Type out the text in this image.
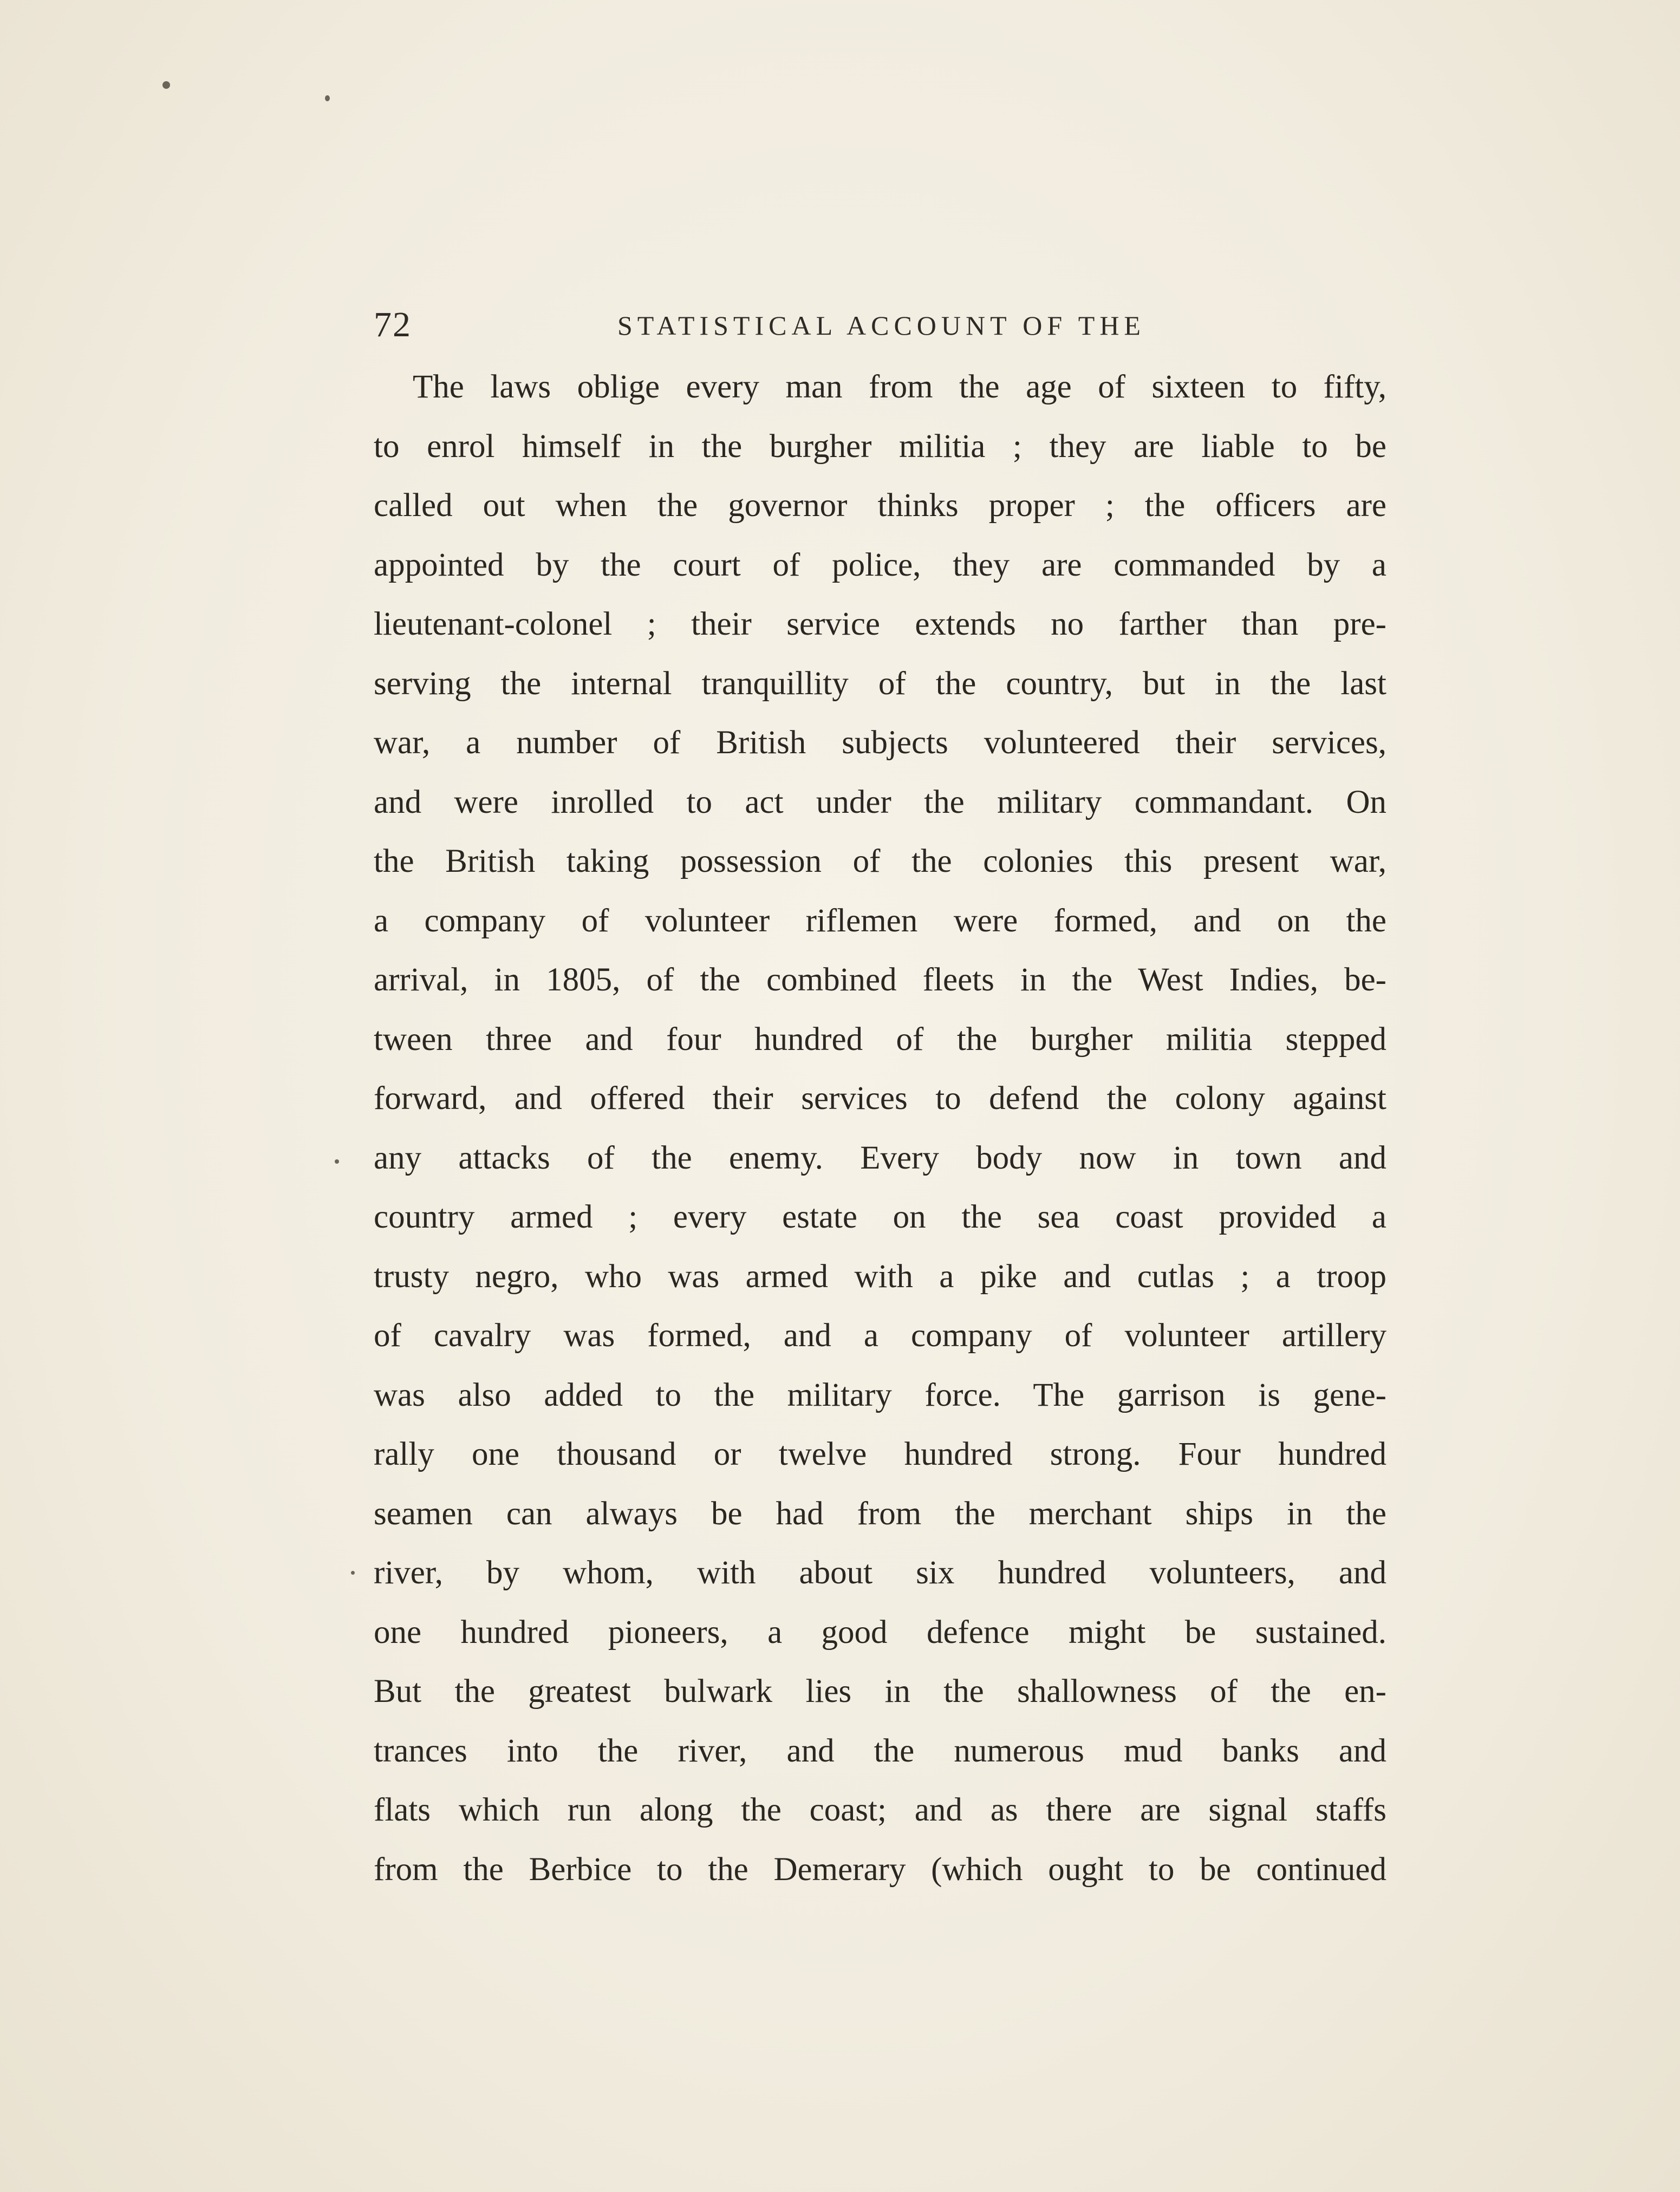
72	STATISTICAL ACCOUNT OF THE
The laws oblige every man from the age of sixteen to fifty,
to enrol himself in the burgher militia ; they are liable to be
called out when the governor thinks proper ; the officers are
appointed by the court of police, they are commanded by a
lieutenant-colonel ; their service extends no farther than pre-
serving the internal tranquillity of the country, but in the last
war, a number of British subjects volunteered their services,
and were inrolled to act under the military commandant. On
the British taking possession of the colonies this present war,
a company of volunteer riflemen were formed, and on the
arrival, in 1805, of the combined fleets in the West Indies, be-
tween three and four hundred of the burgher militia stepped
forward, and offered their services to defend the colony against
any attacks of the enemy. Every body now in town and
country armed ; every estate on the sea coast provided a
trusty negro, who was armed with a pike and cutlas ; a troop
of cavalry was formed, and a company of volunteer artillery
was also added to the military force. The garrison is gene-
rally one thousand or twelve hundred strong. Four hundred
seamen can always be had from the merchant ships in the
river, by whom, with about six hundred volunteers, and
one hundred pioneers, a good defence might be sustained.
But the greatest bulwark lies in the shallowness of the en-
trances into the river, and the numerous mud banks and
flats which run along the coast; and as there are signal staffs
from the Berbice to the Demerary (which ought to be continued
